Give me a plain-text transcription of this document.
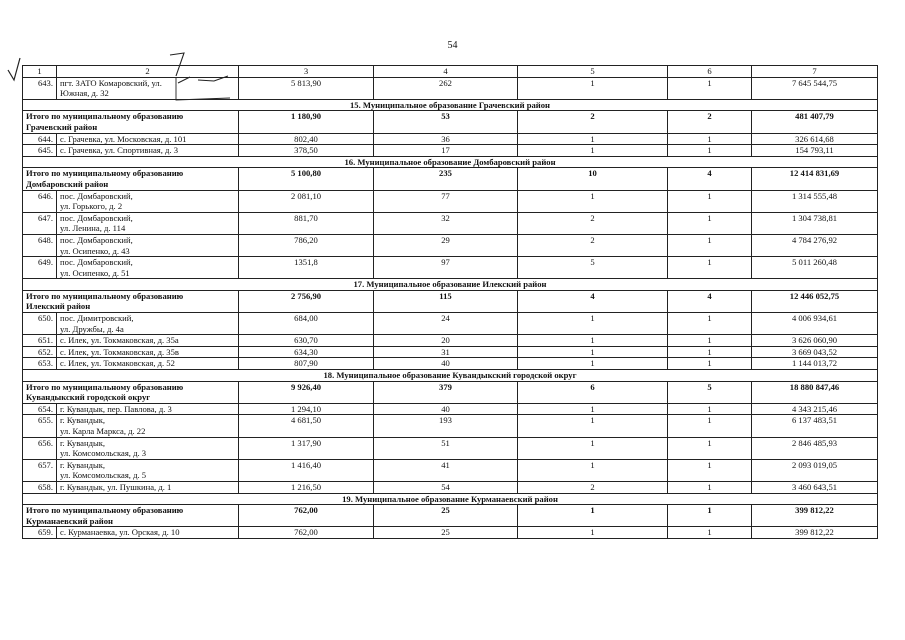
54
1	2	3	4	5	6	7
643.	пгт. ЗАТО Комаровский, ул.
Южная, д. 32	5 813,90	262	1	1	7 645 544,75
15. Муниципальное образование Грачевский район						
Итого по муниципальному образованию
Грачевский район		1 180,90	53	2	2	481 407,79
644.	с. Грачевка, ул. Московская, д. 101	802,40	36	1	1	326 614,68
645.	с. Грачевка, ул. Спортивная, д. 3	378,50	17	1	1	154 793,11
16. Муниципальное образование Домбаровский район						
Итого по муниципальному образованию
Домбаровский район		5 100,80	235	10	4	12 414 831,69
646.	пос. Домбаровский,
ул. Горького, д. 2	2 081,10	77	1	1	1 314 555,48
647.	пос. Домбаровский,
ул. Ленина, д. 114	881,70	32	2	1	1 304 738,81
648.	пос. Домбаровский,
ул. Осипенко, д. 43	786,20	29	2	1	4 784 276,92
649.	пос. Домбаровский,
ул. Осипенко, д. 51	1351,8	97	5	1	5 011 260,48
17. Муниципальное образование Илекский район						
Итого по муниципальному образованию
Илекский район		2 756,90	115	4	4	12 446 052,75
650.	пос. Димитровский,
ул. Дружбы, д. 4а	684,00	24	1	1	4 006 934,61
651.	с. Илек, ул. Токмаковская, д. 35а	630,70	20	1	1	3 626 060,90
652.	с. Илек, ул. Токмаковская, д. 35в	634,30	31	1	1	3 669 043,52
653.	с. Илек, ул. Токмаковская, д. 52	807,90	40	1	1	1 144 013,72
18. Муниципальное образование Кувандыкский городской округ						
Итого по муниципальному образованию
Кувандыкский городской округ		9 926,40	379	6	5	18 880 847,46
654.	г. Кувандык, пер. Павлова, д. 3	1 294,10	40	1	1	4 343 215,46
655.	г. Кувандык,
ул. Карла Маркса, д. 22	4 681,50	193	1	1	6 137 483,51
656.	г. Кувандык,
ул. Комсомольская, д. 3	1 317,90	51	1	1	2 846 485,93
657.	г. Кувандык,
ул. Комсомольская, д. 5	1 416,40	41	1	1	2 093 019,05
658.	г. Кувандык, ул. Пушкина, д. 1	1 216,50	54	2	1	3 460 643,51
19. Муниципальное образование Курманаевский район						
Итого по муниципальному образованию
Курманаевский район		762,00	25	1	1	399 812,22
659.	с. Курманаевка, ул. Орская, д. 10	762,00	25	1	1	399 812,22
